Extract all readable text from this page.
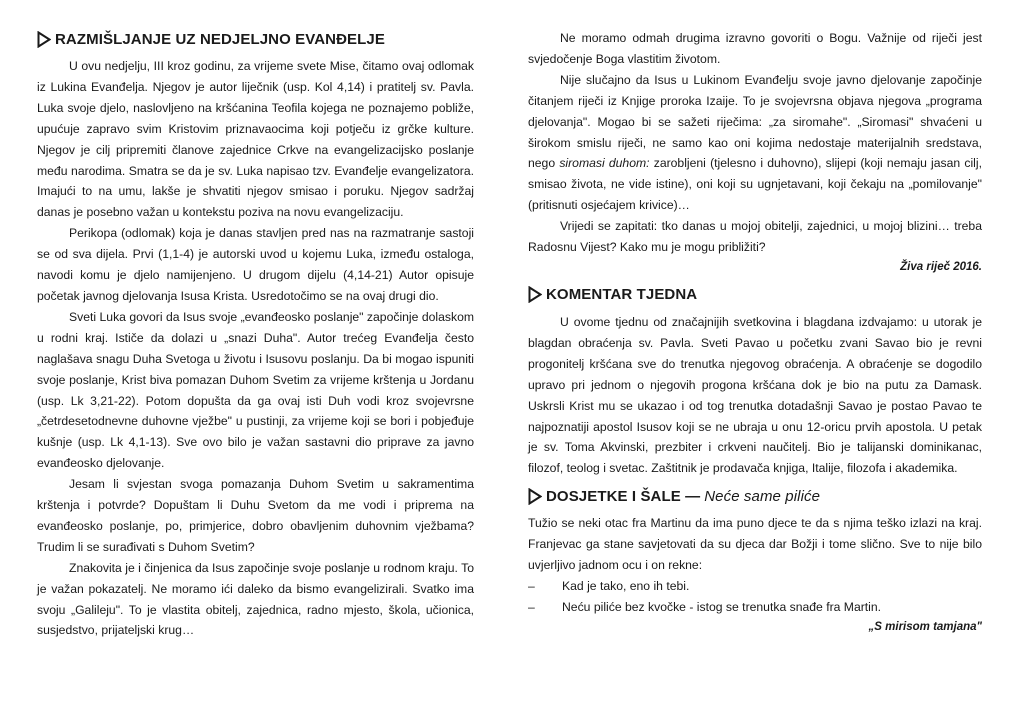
RAZMIŠLJANJE UZ NEDJELJNO EVANĐELJE

U ovu nedjelju, III kroz godinu, za vrijeme svete Mise, čitamo ovaj odlomak iz Lukina Evanđelja. Njegov je autor liječnik (usp. Kol 4,14) i pratitelj sv. Pavla. Luka svoje djelo, naslovljeno na kršćanina Teofila kojega ne poznajemo pobliže, upućuje zapravo svim Kristovim priznavaocima koji potječu iz grčke kulture. Njegov je cilj pripremiti članove zajednice Crkve na evangelizacijsko poslanje među narodima. Smatra se da je sv. Luka napisao tzv. Evanđelje evangelizatora. Imajući to na umu, lakše je shvatiti njegov smisao i poruku. Njegov sadržaj danas je posebno važan u kontekstu poziva na novu evangelizaciju.

Perikopa (odlomak) koja je danas stavljen pred nas na razmatranje sastoji se od sva dijela. Prvi (1,1-4) je autorski uvod u kojemu Luka, između ostaloga, navodi komu je djelo namijenjeno. U drugom dijelu (4,14-21) Autor opisuje početak javnog djelovanja Isusa Krista. Usredotočimo se na ovaj drugi dio.

Sveti Luka govori da Isus svoje „evanđeosko poslanje" započinje dolaskom u rodni kraj. Ističe da dolazi u „snazi Duha". Autor trećeg Evanđelja često naglašava snagu Duha Svetoga u životu i Isusovu poslanju. Da bi mogao ispuniti svoje poslanje, Krist biva pomazan Duhom Svetim za vrijeme krštenja u Jordanu (usp. Lk 3,21-22). Potom dopušta da ga ovaj isti Duh vodi kroz svojevrsne „četrdesetodnevne duhovne vježbe" u pustinji, za vrijeme koji se bori i pobjeđuje kušnje (usp. Lk 4,1-13). Sve ovo bilo je važan sastavni dio priprave za javno evanđeosko djelovanje.

Jesam li svjestan svoga pomazanja Duhom Svetim u sakramentima krštenja i potvrde? Dopuštam li Duhu Svetom da me vodi i priprema na evanđeosko poslanje, po, primjerice, dobro obavljenim duhovnim vježbama? Trudim li se surađivati s Duhom Svetim?

Znakovita je i činjenica da Isus započinje svoje poslanje u rodnom kraju. To je važan pokazatelj. Ne moramo ići daleko da bismo evangelizirali. Svatko ima svoju „Galileju". To je vlastita obitelj, zajednica, radno mjesto, škola, učionica, susjedstvo, prijateljski krug…

Ne moramo odmah drugima izravno govoriti o Bogu. Važnije od riječi jest svjedočenje Boga vlastitim životom.

Nije slučajno da Isus u Lukinom Evanđelju svoje javno djelovanje započinje čitanjem riječi iz Knjige proroka Izaije. To je svojevrsna objava njegova „programa djelovanja". Mogao bi se sažeti riječima: „za siromahe". „Siromasi" shvaćeni u širokom smislu riječi, ne samo kao oni kojima nedostaje materijalnih sredstava, nego siromasi duhom: zarobljeni (tjelesno i duhovno), slijepi (koji nemaju jasan cilj, smisao života, ne vide istine), oni koji su ugnjetavani, koji čekaju na „pomilovanje" (pritisnuti osjećajem krivice)…

Vrijedi se zapitati: tko danas u mojoj obitelji, zajednici, u mojoj blizini… treba Radosnu Vijest? Kako mu je mogu približiti?

Živa riječ 2016.
KOMENTAR TJEDNA

U ovome tjednu od značajnijih svetkovina i blagdana izdvajamo: u utorak je blagdan obraćenja sv. Pavla. Sveti Pavao u početku zvani Savao bio je revni progonitelj kršćana sve do trenutka njegovog obraćenja. A obraćenje se dogodilo upravo pri jednom o njegovih progona kršćana dok je bio na putu za Damask. Uskrsli Krist mu se ukazao i od tog trenutka dotadašnji Savao je postao Pavao te najpoznatiji apostol Isusov koji se ne ubraja u onu 12-oricu prvih apostola. U petak je sv. Toma Akvinski, prezbiter i crkveni naučitelj. Bio je talijanski dominikanac, filozof, teolog i svetac. Zaštitnik je prodavača knjiga, Italije, filozofa i akademika.

DOSJETKE I ŠALE — Neće same piliće

Tužio se neki otac fra Martinu da ima puno djece te da s njima teško izlazi na kraj. Franjevac ga stane savjetovati da su djeca dar Božji i tome slično. Sve to nije bilo uvjerljivo jadnom ocu i on rekne:

–	Kad je tako, eno ih tebi.
–	Neću piliće bez kvočke - istog se trenutka snađe fra Martin.
„S mirisom tamjana"
